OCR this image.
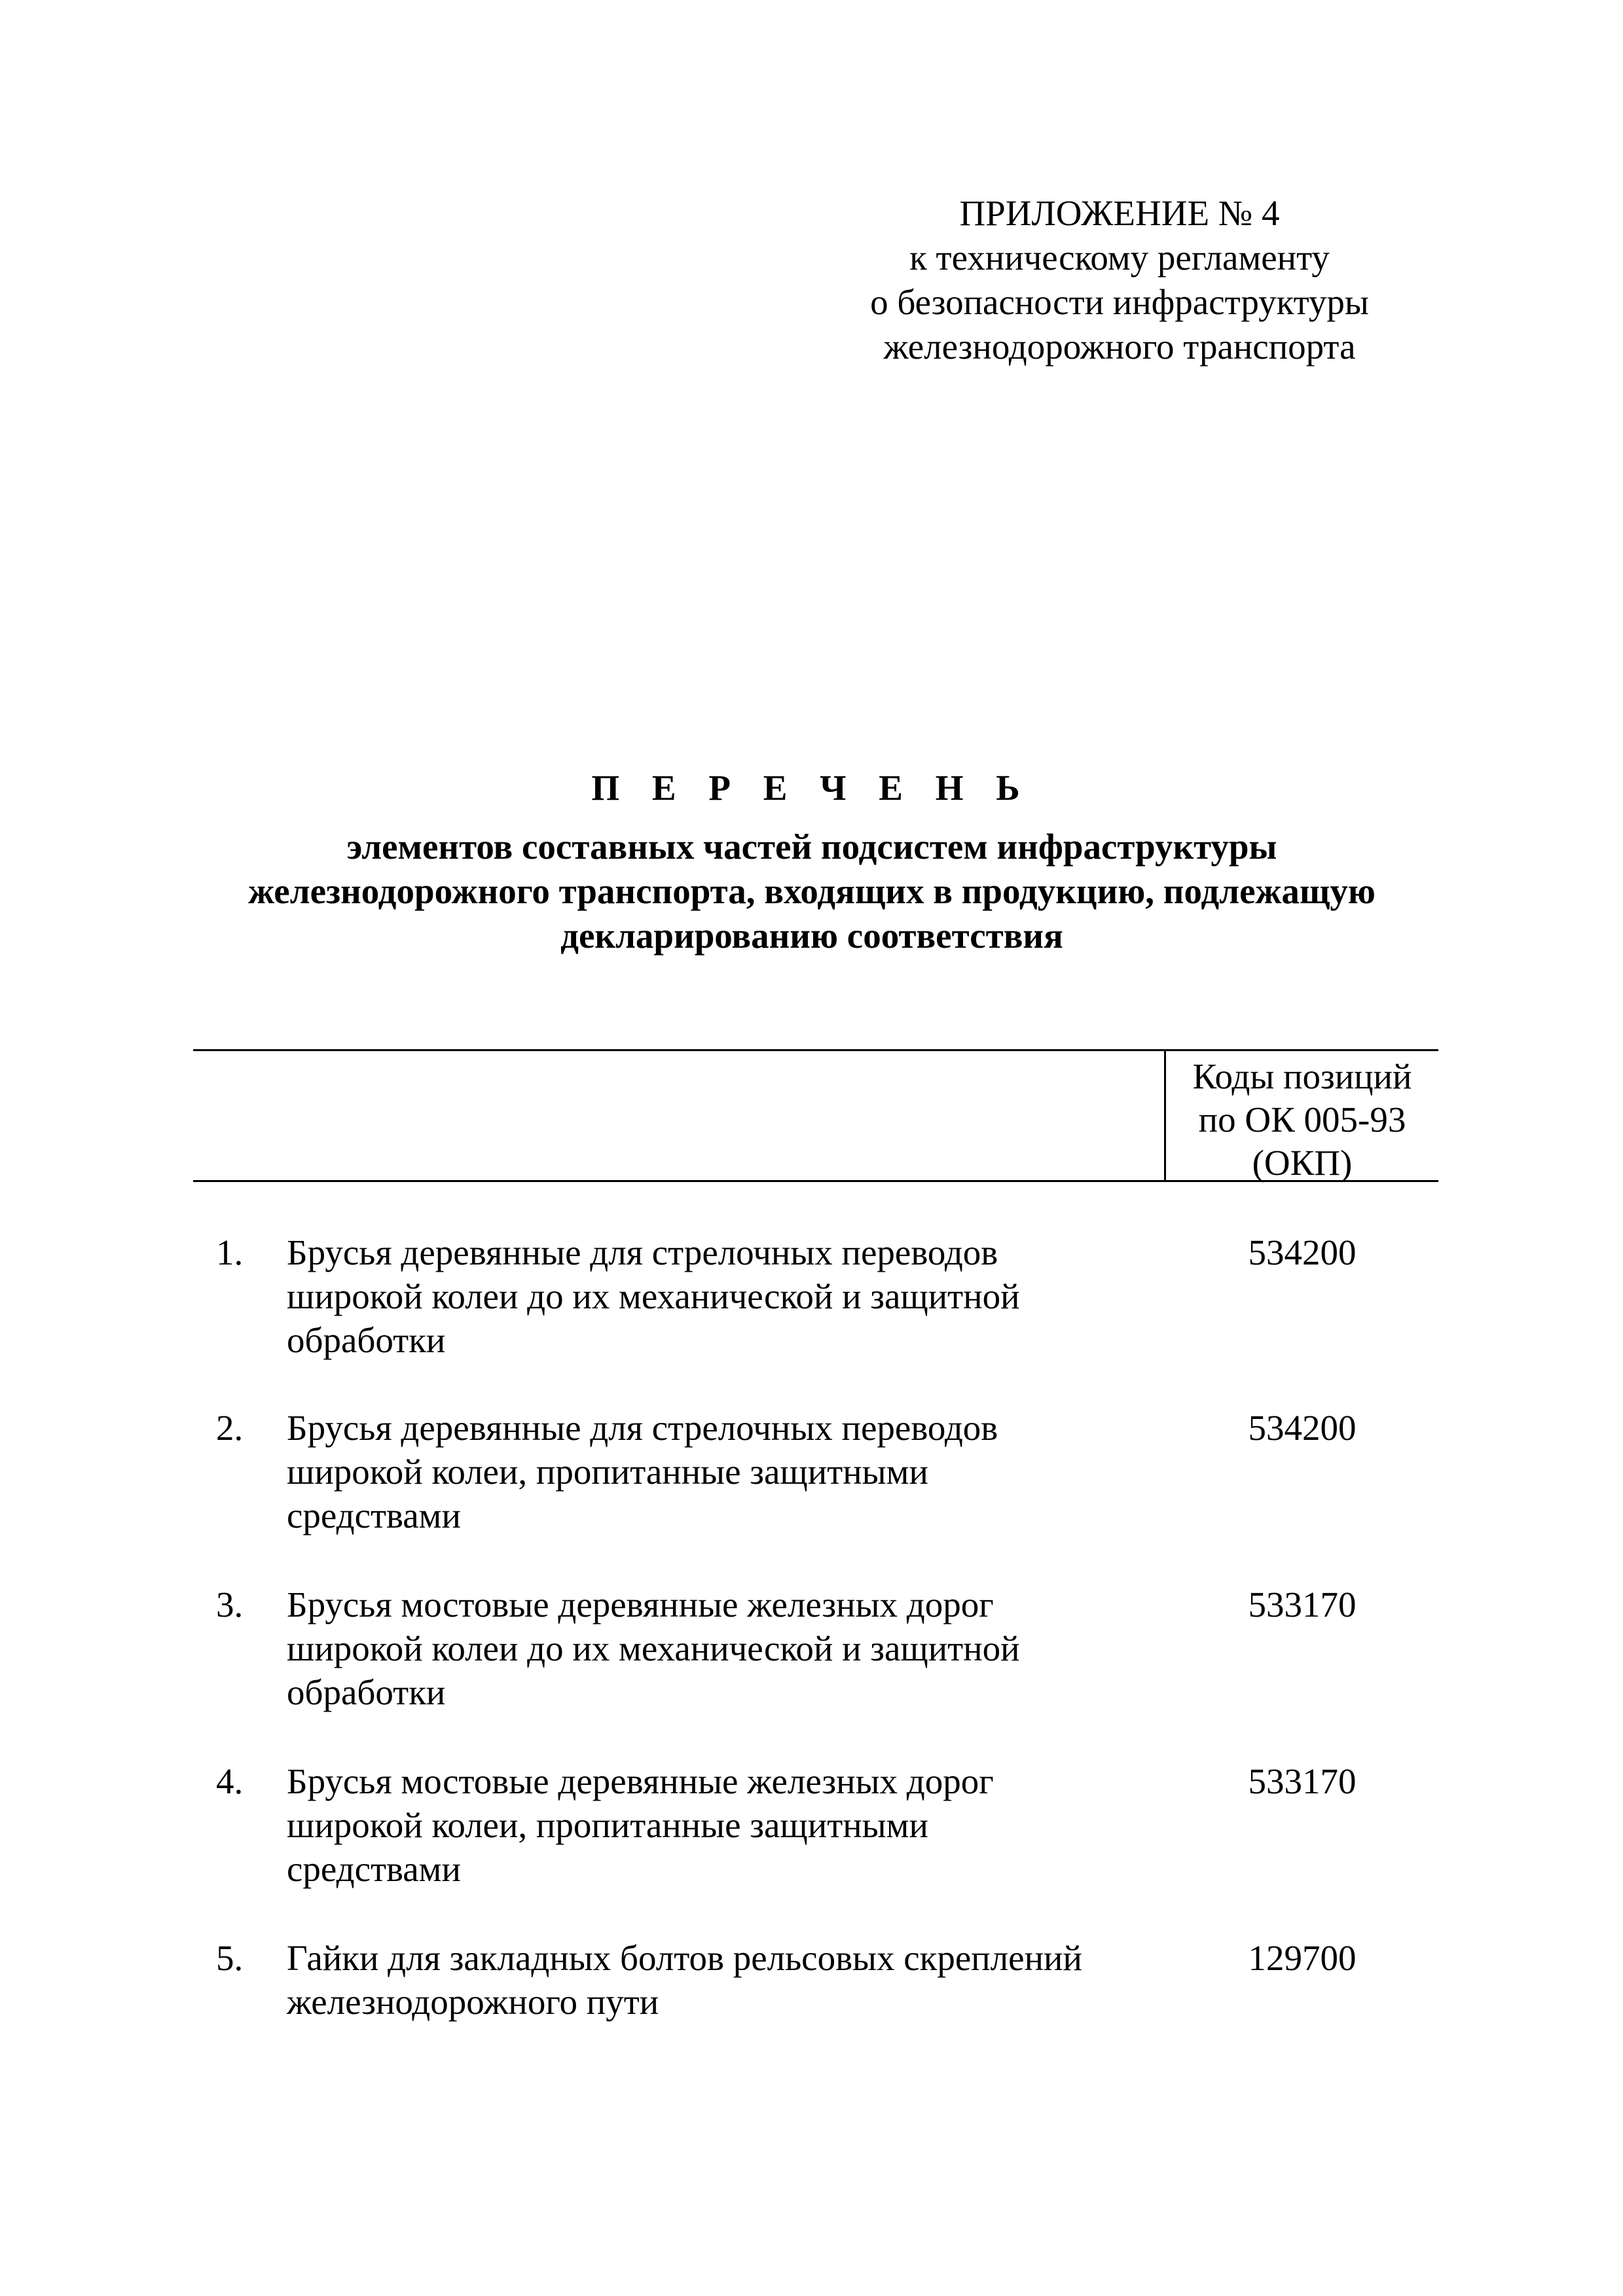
ПРИЛОЖЕНИЕ № 4
к техническому регламенту
о безопасности инфраструктуры
железнодорожного транспорта
П Е Р Е Ч Е Н Ь
элементов составных частей подсистем инфраструктуры
железнодорожного транспорта, входящих в продукцию, подлежащую
декларированию соответствия
Коды позиций
по ОК 005-93
(ОКП)
1. Брусья деревянные для стрелочных переводов
широкой колеи до их механической и защитной
обработки
534200
2. Брусья деревянные для стрелочных переводов
широкой колеи, пропитанные защитными
средствами
534200
3. Брусья мостовые деревянные железных дорог
широкой колеи до их механической и защитной
обработки
533170
4. Брусья мостовые деревянные железных дорог
широкой колеи, пропитанные защитными
средствами
533170
5. Гайки для закладных болтов рельсовых скреплений
железнодорожного пути
129700
